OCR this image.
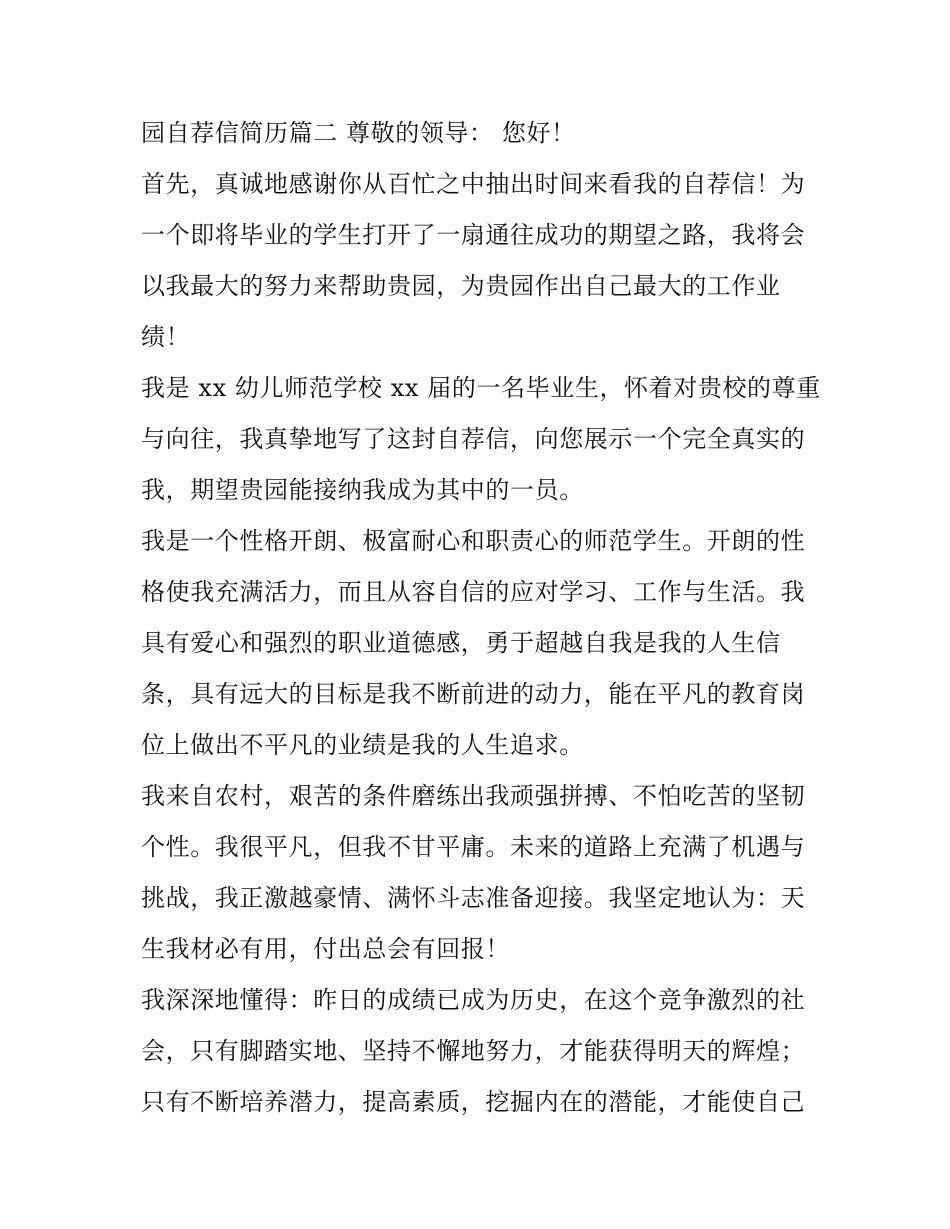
园自荐信简历篇二 尊敬的领导： 您好！
首先，真诚地感谢你从百忙之中抽出时间来看我的自荐信！为
一个即将毕业的学生打开了一扇通往成功的期望之路，我将会
以我最大的努力来帮助贵园，为贵园作出自己最大的工作业
绩！
我是 xx 幼儿师范学校 xx 届的一名毕业生，怀着对贵校的尊重
与向往，我真挚地写了这封自荐信，向您展示一个完全真实的
我，期望贵园能接纳我成为其中的一员。
我是一个性格开朗、极富耐心和职责心的师范学生。开朗的性
格使我充满活力，而且从容自信的应对学习、工作与生活。我
具有爱心和强烈的职业道德感，勇于超越自我是我的人生信
条，具有远大的目标是我不断前进的动力，能在平凡的教育岗
位上做出不平凡的业绩是我的人生追求。
我来自农村，艰苦的条件磨练出我顽强拼搏、不怕吃苦的坚韧
个性。我很平凡，但我不甘平庸。未来的道路上充满了机遇与
挑战，我正激越豪情、满怀斗志准备迎接。我坚定地认为：天
生我材必有用，付出总会有回报！
我深深地懂得：昨日的成绩已成为历史，在这个竞争激烈的社
会，只有脚踏实地、坚持不懈地努力，才能获得明天的辉煌；
只有不断培养潜力，提高素质，挖掘内在的潜能，才能使自己
